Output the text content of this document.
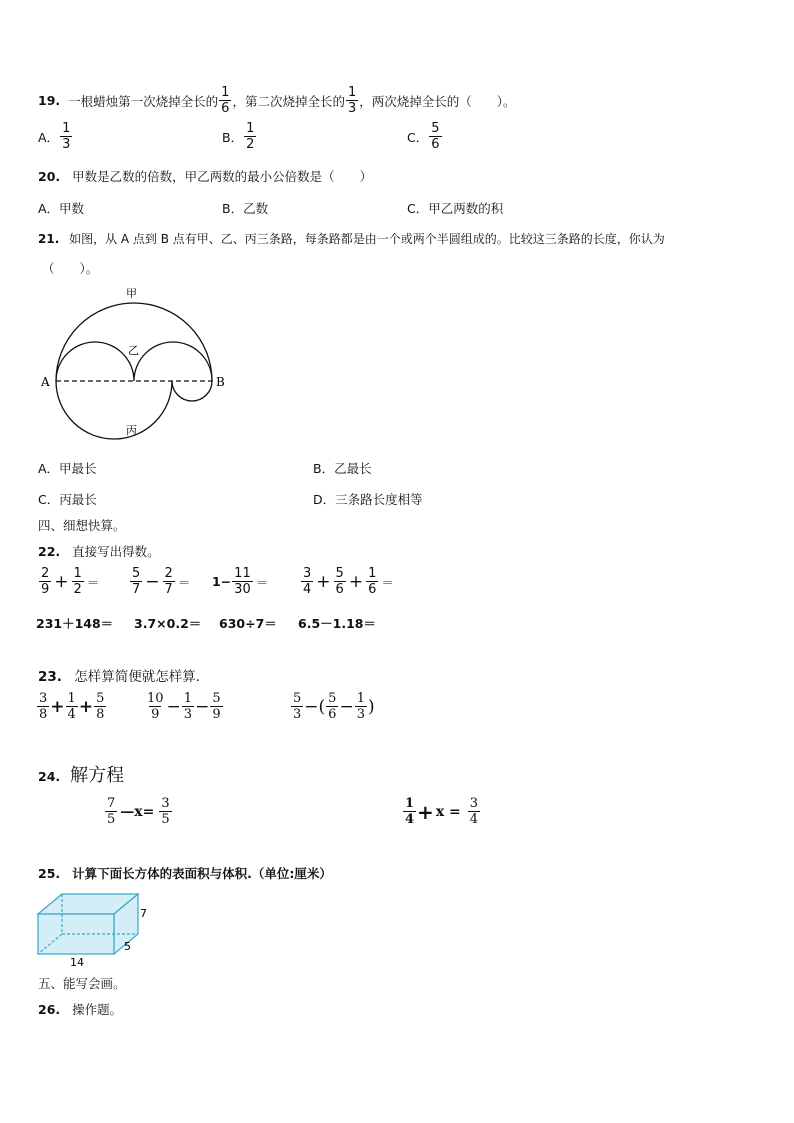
19. 一根蜡烛第一次烧掉全长的 $\frac{1}{6}$ ，第二次烧掉全长的 $\frac{1}{3}$ ，两次烧掉全长的（　　）。
A． $\frac{1}{3}$	B． $\frac{1}{2}$	C． $\frac{5}{6}$
20. 甲数是乙数的倍数，甲乙两数的最小公倍数是（　　）
A．甲数	B．乙数	C．甲乙两数的积
21. 如图，从 A 点到 B 点有甲、乙、丙三条路，每条路都是由一个或两个半圆组成的。比较这三条路的长度，你认为
（　　）。
A	B
甲
乙
丙
A．甲最长	B．乙最长
C．丙最长	D．三条路长度相等
四、细想快算。
22. 直接写出得数。
$\frac{2}{9} + \frac{1}{2} = \frac{5}{7} - \frac{2}{7} = 1- \frac{11}{30}$ ＝	$\frac{3}{4} + \frac{5}{6} + \frac{1}{6}$ ＝
231＋148＝ 3.7×0.2＝ 630÷7＝ 6.5－1.18＝
23. 怎样算简便就怎样算．
$\frac{3}{8} + \frac{1}{4} + \frac{5}{8}$	$\frac{10}{9} - \frac{1}{3} - \frac{5}{9}$	$\frac{5}{3}$ −( $\frac{5}{6} - \frac{1}{3}$ )
24. 解方程
$\frac{7}{5}$ —x= $\frac{3}{5}$	$\frac{1}{4} + x = \frac{3}{4}$
25. 计算下面长方体的表面积与体积.（单位:厘米）
7
5
14
五、能写会画。
26. 操作题。
